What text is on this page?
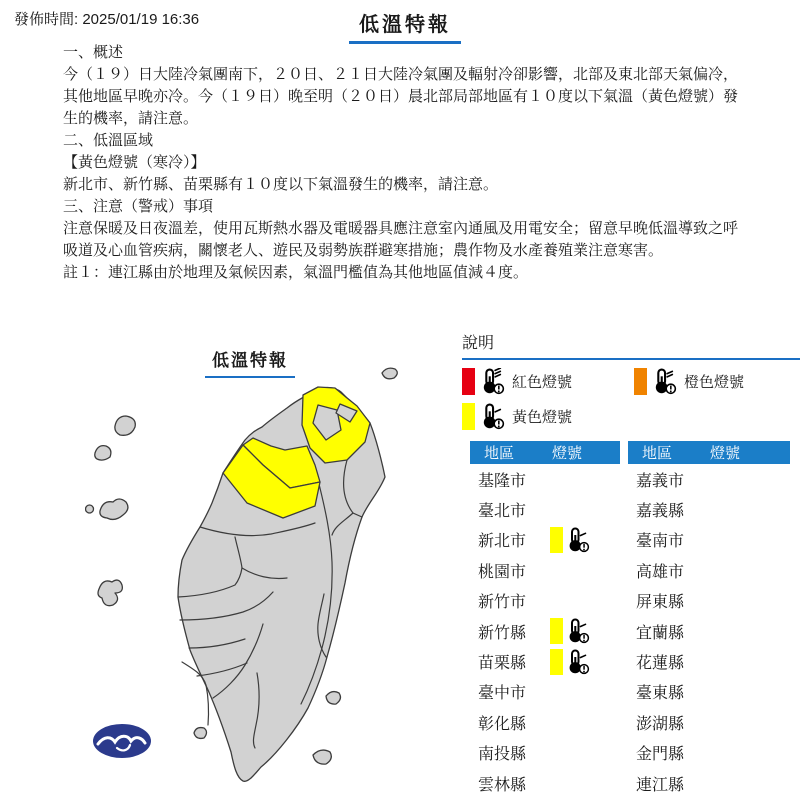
發佈時間: 2025/01/19 16:36	低溫特報
一、概述
今（１９）日大陸冷氣團南下，２０日、２１日大陸冷氣團及輻射冷卻影響，北部及東北部天氣偏冷，其他地區早晚亦冷。今（１９日）晚至明（２０日）晨北部局部地區有１０度以下氣溫（黃色燈號）發生的機率，請注意。
二、低溫區域
【黃色燈號（寒冷）】
新北市、新竹縣、苗栗縣有１０度以下氣溫發生的機率，請注意。
三、注意（警戒）事項
注意保暖及日夜溫差，使用瓦斯熱水器及電暖器具應注意室內通風及用電安全；留意早晚低溫導致之呼吸道及心血管疾病，關懷老人、遊民及弱勢族群避寒措施；農作物及水產養殖業注意寒害。
註１：連江縣由於地理及氣候因素，氣溫門檻值為其他地區值減４度。
低溫特報
說明
紅色燈號	橙色燈號
黃色燈號
地區	燈號
基隆市
臺北市
新北市
桃園市
新竹市
新竹縣
苗栗縣
臺中市
彰化縣
南投縣
雲林縣
地區	燈號
嘉義市
嘉義縣
臺南市
高雄市
屏東縣
宜蘭縣
花蓮縣
臺東縣
澎湖縣
金門縣
連江縣
